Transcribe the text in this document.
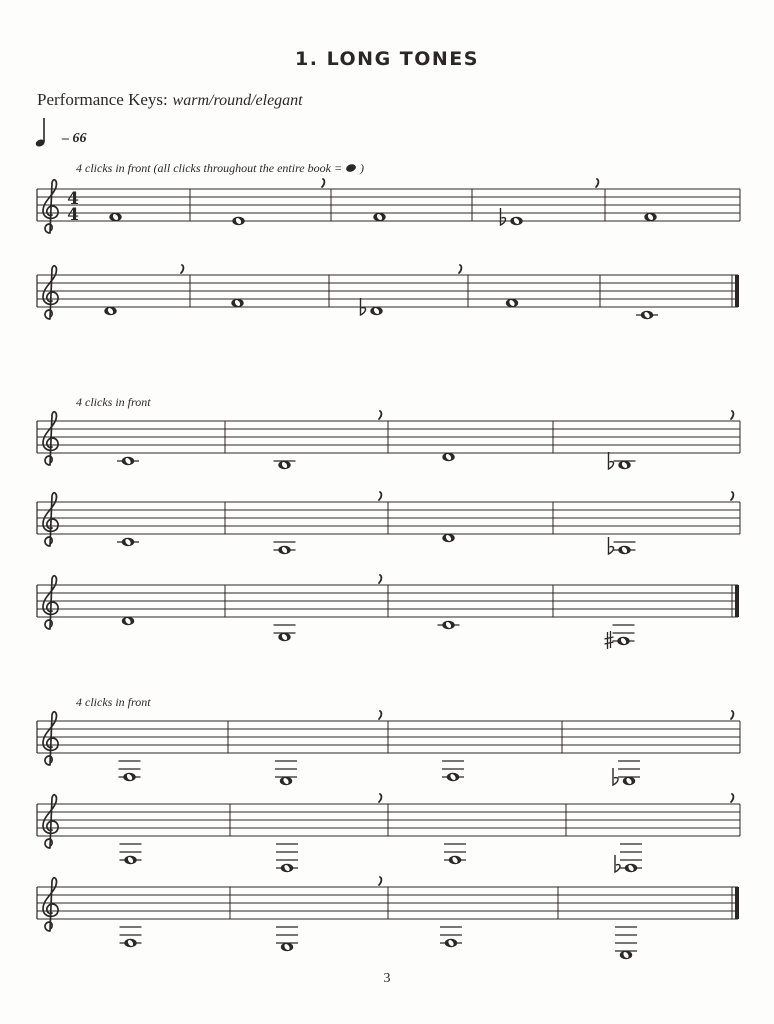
1. LONG TONES
Performance Keys: warm/round/elegant
– 66
4 clicks in front (all clicks throughout the entire book = )
4 clicks in front
4 clicks in front
4
4
3
